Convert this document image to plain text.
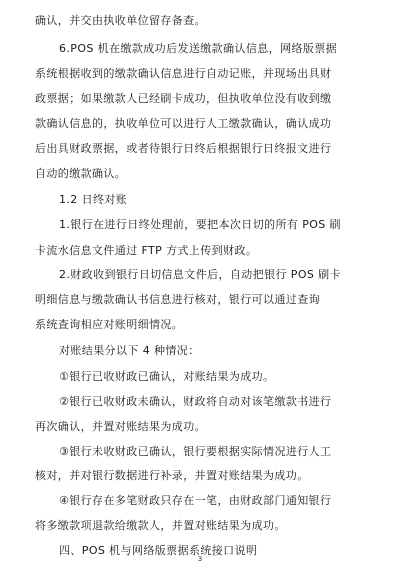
确认，并交由执收单位留存备查。
6.POS 机在缴款成功后发送缴款确认信息，网络版票据
系统根据收到的缴款确认信息进行自动记账，并现场出具财
政票据；如果缴款人已经刷卡成功，但执收单位没有收到缴
款确认信息的，执收单位可以进行人工缴款确认，确认成功
后出具财政票据，或者待银行日终后根据银行日终报文进行
自动的缴款确认。
1.2 日终对账
1.银行在进行日终处理前，要把本次日切的所有 POS 刷
卡流水信息文件通过 FTP 方式上传到财政。
2.财政收到银行日切信息文件后，自动把银行 POS 刷卡
明细信息与缴款确认书信息进行核对，银行可以通过查询
系统查询相应对账明细情况。
对账结果分以下 4 种情况：
①银行已收财政已确认，对账结果为成功。
②银行已收财政未确认，财政将自动对该笔缴款书进行
再次确认，并置对账结果为成功。
③银行未收财政已确认，银行要根据实际情况进行人工
核对，并对银行数据进行补录，并置对账结果为成功。
④银行存在多笔财政只存在一笔，由财政部门通知银行
将多缴款项退款给缴款人，并置对账结果为成功。
四、POS 机与网络版票据系统接口说明
3
